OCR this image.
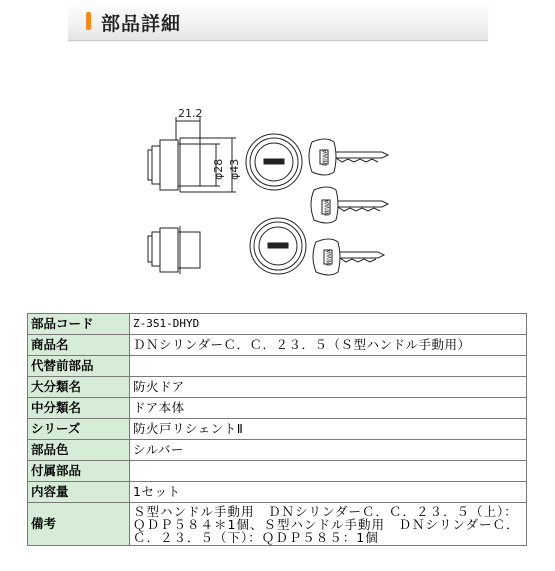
部品詳細
21.2
φ28 φ43
MIWA
MIWA
MIWA
部品コード	Z-3S1-DHYD
商品名	ＤＮシリンダーＣ．Ｃ．２３．５（Ｓ型ハンドル手動用）
代替前部品	
大分類名	防火ドア
中分類名	ドア本体
シリーズ	防火戸リシェントⅡ
部品色	シルバー
付属部品	
内容量	1セット
備考	Ｓ型ハンドル手動用　ＤＮシリンダーＣ．Ｃ．２３．５（上）：ＱＤＰ５８４＊1個、Ｓ型ハンドル手動用　ＤＮシリンダーＣ．Ｃ．２３．５（下）：ＱＤＰ５８５：1個
